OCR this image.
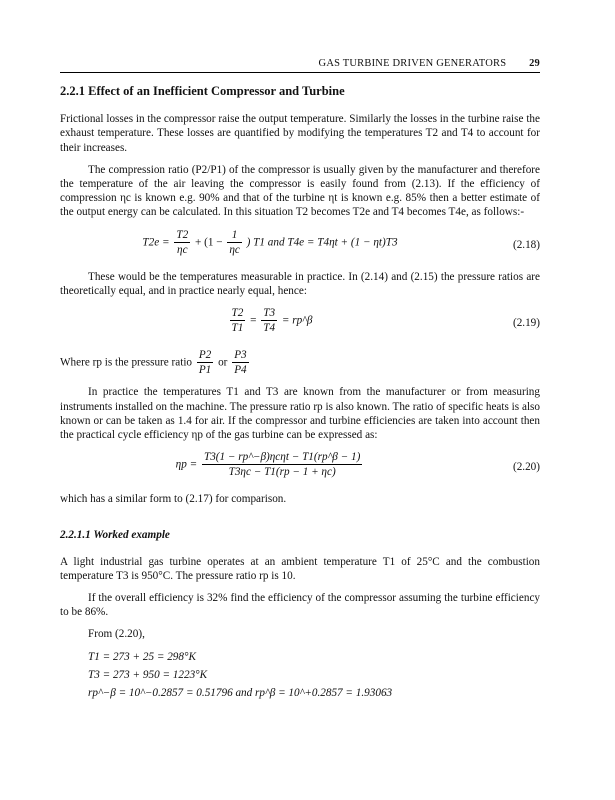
GAS TURBINE DRIVEN GENERATORS 29
2.2.1 Effect of an Inefficient Compressor and Turbine

Frictional losses in the compressor raise the output temperature. Similarly the losses in the turbine raise the exhaust temperature. These losses are quantified by modifying the temperatures T2 and T4 to account for their increases.

The compression ratio (P2/P1) of the compressor is usually given by the manufacturer and therefore the temperature of the air leaving the compressor is easily found from (2.13). If the efficiency of compression ηc is known e.g. 90% and that of the turbine ηt is known e.g. 85% then a better estimate of the output energy can be calculated. In this situation T2 becomes T2e and T4 becomes T4e, as follows:-

$T2e = \frac{T2}{\eta c} + (1 - \frac{1}{\eta c}$ ) T1 and T4e = T4ηt + (1 − ηt)T3	(2.18)

These would be the temperatures measurable in practice. In (2.14) and (2.15) the pressure ratios are theoretically equal, and in practice nearly equal, hence:

$\frac{T2}{T1} = \frac{T3}{T4}$ = rp^β	(2.19)

Where rp is the pressure ratio $\frac{P2}{P1}$ or $\frac{P3}{P4}$

In practice the temperatures T1 and T3 are known from the manufacturer or from measuring instruments installed on the machine. The pressure ratio rp is also known. The ratio of specific heats is also known or can be taken as 1.4 for air. If the compressor and turbine efficiencies are taken into account then the practical cycle efficiency ηp of the gas turbine can be expressed as:

$\eta p = \frac{\text{T3(1 − rp\textasciicircum{}−β)ηcηt − T1(rp\textasciicircum{}β − 1)}}{T3\eta c - T1(rp - 1 + \eta c)}$	(2.20)

which has a similar form to (2.17) for comparison.

2.2.1.1 Worked example

A light industrial gas turbine operates at an ambient temperature T1 of 25°C and the combustion temperature T3 is 950°C. The pressure ratio rp is 10.

If the overall efficiency is 32% find the efficiency of the compressor assuming the turbine efficiency to be 86%.

From (2.20),

T1 = 273 + 25 = 298°K
T3 = 273 + 950 = 1223°K
rp^−β = 10^−0.2857 = 0.51796 and rp^β = 10^+0.2857 = 1.93063
